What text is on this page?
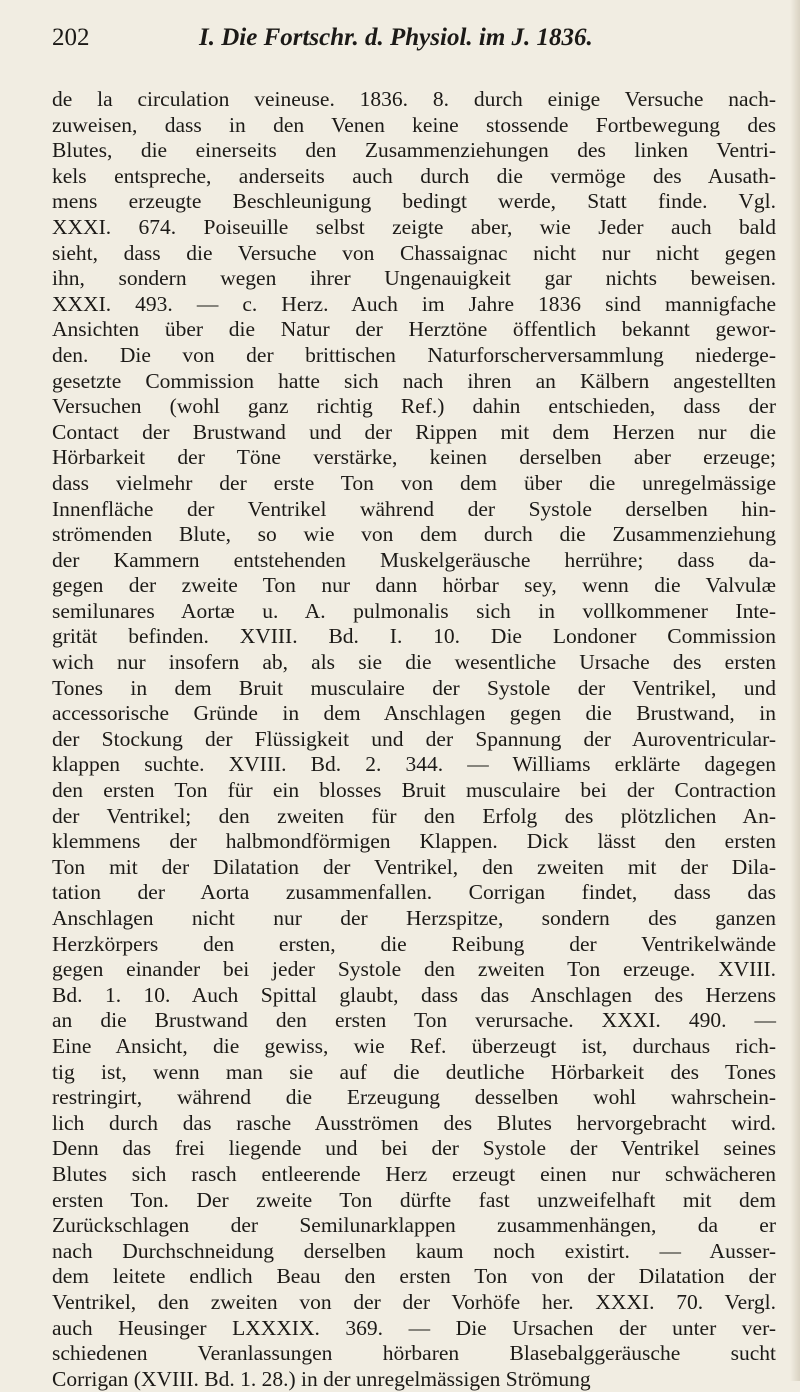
202	I. Die Fortschr. d. Physiol. im J. 1836.
de la circulation veineuse. 1836. 8. durch einige Versuche nach-
zuweisen, dass in den Venen keine stossende Fortbewegung des
Blutes, die einerseits den Zusammenziehungen des linken Ventri-
kels entspreche, anderseits auch durch die vermöge des Ausath-
mens erzeugte Beschleunigung bedingt werde, Statt finde. Vgl.
XXXI. 674. Poiseuille selbst zeigte aber, wie Jeder auch bald
sieht, dass die Versuche von Chassaignac nicht nur nicht gegen
ihn, sondern wegen ihrer Ungenauigkeit gar nichts beweisen.
XXXI. 493. — c. Herz. Auch im Jahre 1836 sind mannigfache
Ansichten über die Natur der Herztöne öffentlich bekannt gewor-
den. Die von der brittischen Naturforscherversammlung niederge-
gesetzte Commission hatte sich nach ihren an Kälbern angestellten
Versuchen (wohl ganz richtig Ref.) dahin entschieden, dass der
Contact der Brustwand und der Rippen mit dem Herzen nur die
Hörbarkeit der Töne verstärke, keinen derselben aber erzeuge;
dass vielmehr der erste Ton von dem über die unregelmässige
Innenfläche der Ventrikel während der Systole derselben hin-
strömenden Blute, so wie von dem durch die Zusammenziehung
der Kammern entstehenden Muskelgeräusche herrühre; dass da-
gegen der zweite Ton nur dann hörbar sey, wenn die Valvulæ
semilunares Aortæ u. A. pulmonalis sich in vollkommener Inte-
grität befinden. XVIII. Bd. I. 10. Die Londoner Commission
wich nur insofern ab, als sie die wesentliche Ursache des ersten
Tones in dem Bruit musculaire der Systole der Ventrikel, und
accessorische Gründe in dem Anschlagen gegen die Brustwand, in
der Stockung der Flüssigkeit und der Spannung der Auroventricular-
klappen suchte. XVIII. Bd. 2. 344. — Williams erklärte dagegen
den ersten Ton für ein blosses Bruit musculaire bei der Contraction
der Ventrikel; den zweiten für den Erfolg des plötzlichen An-
klemmens der halbmondförmigen Klappen. Dick lässt den ersten
Ton mit der Dilatation der Ventrikel, den zweiten mit der Dila-
tation der Aorta zusammenfallen. Corrigan findet, dass das
Anschlagen nicht nur der Herzspitze, sondern des ganzen
Herzkörpers den ersten, die Reibung der Ventrikelwände
gegen einander bei jeder Systole den zweiten Ton erzeuge. XVIII.
Bd. 1. 10. Auch Spittal glaubt, dass das Anschlagen des Herzens
an die Brustwand den ersten Ton verursache. XXXI. 490. —
Eine Ansicht, die gewiss, wie Ref. überzeugt ist, durchaus rich-
tig ist, wenn man sie auf die deutliche Hörbarkeit des Tones
restringirt, während die Erzeugung desselben wohl wahrschein-
lich durch das rasche Ausströmen des Blutes hervorgebracht wird.
Denn das frei liegende und bei der Systole der Ventrikel seines
Blutes sich rasch entleerende Herz erzeugt einen nur schwächeren
ersten Ton. Der zweite Ton dürfte fast unzweifelhaft mit dem
Zurückschlagen der Semilunarklappen zusammenhängen, da er
nach Durchschneidung derselben kaum noch existirt. — Ausser-
dem leitete endlich Beau den ersten Ton von der Dilatation der
Ventrikel, den zweiten von der der Vorhöfe her. XXXI. 70. Vergl.
auch Heusinger LXXXIX. 369. — Die Ursachen der unter ver-
schiedenen Veranlassungen hörbaren Blasebalggeräusche sucht
Corrigan (XVIII. Bd. 1. 28.) in der unregelmässigen Strömung
